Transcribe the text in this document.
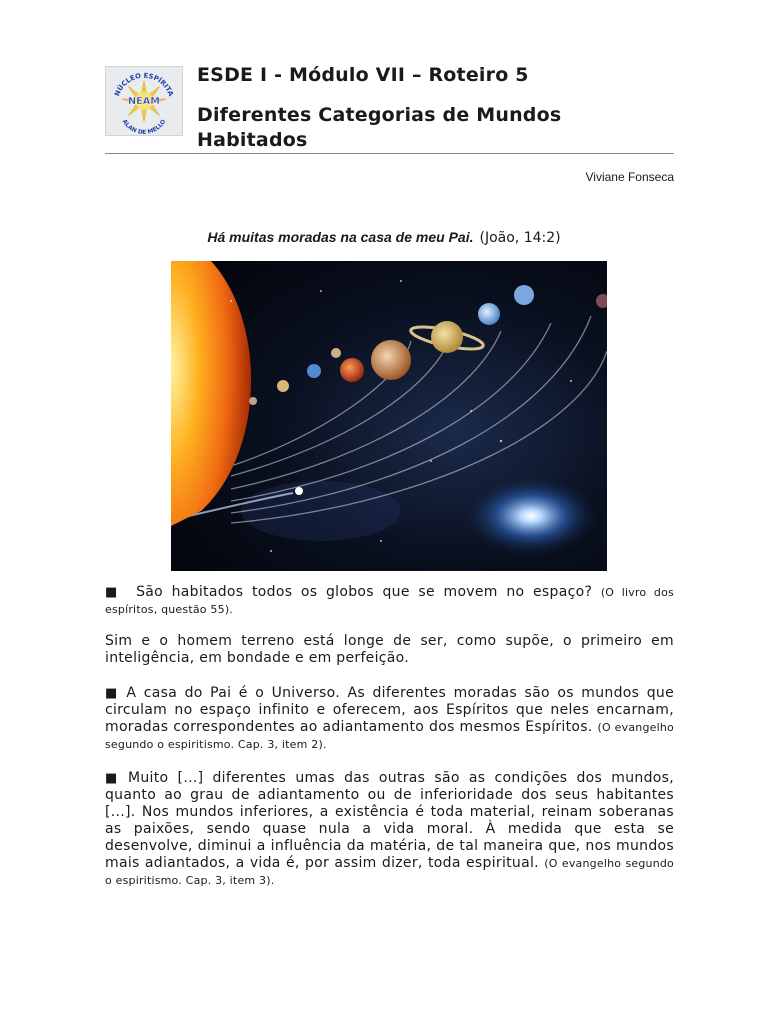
NÚCLEO ESPÍRITA
NEAM
ALAN DE MELLO
ESDE I - Módulo VII – Roteiro 5
Diferentes Categorias de Mundos Habitados
Viviane Fonseca
Há muitas moradas na casa de meu Pai. (João, 14:2)
■ São habitados todos os globos que se movem no espaço? (O livro dos espíritos, questão 55).
Sim e o homem terreno está longe de ser, como supõe, o primeiro em inteligência, em bondade e em perfeição.
■ A casa do Pai é o Universo. As diferentes moradas são os mundos que circulam no espaço infinito e oferecem, aos Espíritos que neles encarnam, moradas correspondentes ao adiantamento dos mesmos Espíritos. (O evangelho segundo o espiritismo. Cap. 3, item 2).
■ Muito [...] diferentes umas das outras são as condições dos mundos, quanto ao grau de adiantamento ou de inferioridade dos seus habitantes [...]. Nos mundos inferiores, a existência é toda material, reinam soberanas as paixões, sendo quase nula a vida moral. À medida que esta se desenvolve, diminui a influência da matéria, de tal maneira que, nos mundos mais adiantados, a vida é, por assim dizer, toda espiritual. (O evangelho segundo o espiritismo. Cap. 3, item 3).
